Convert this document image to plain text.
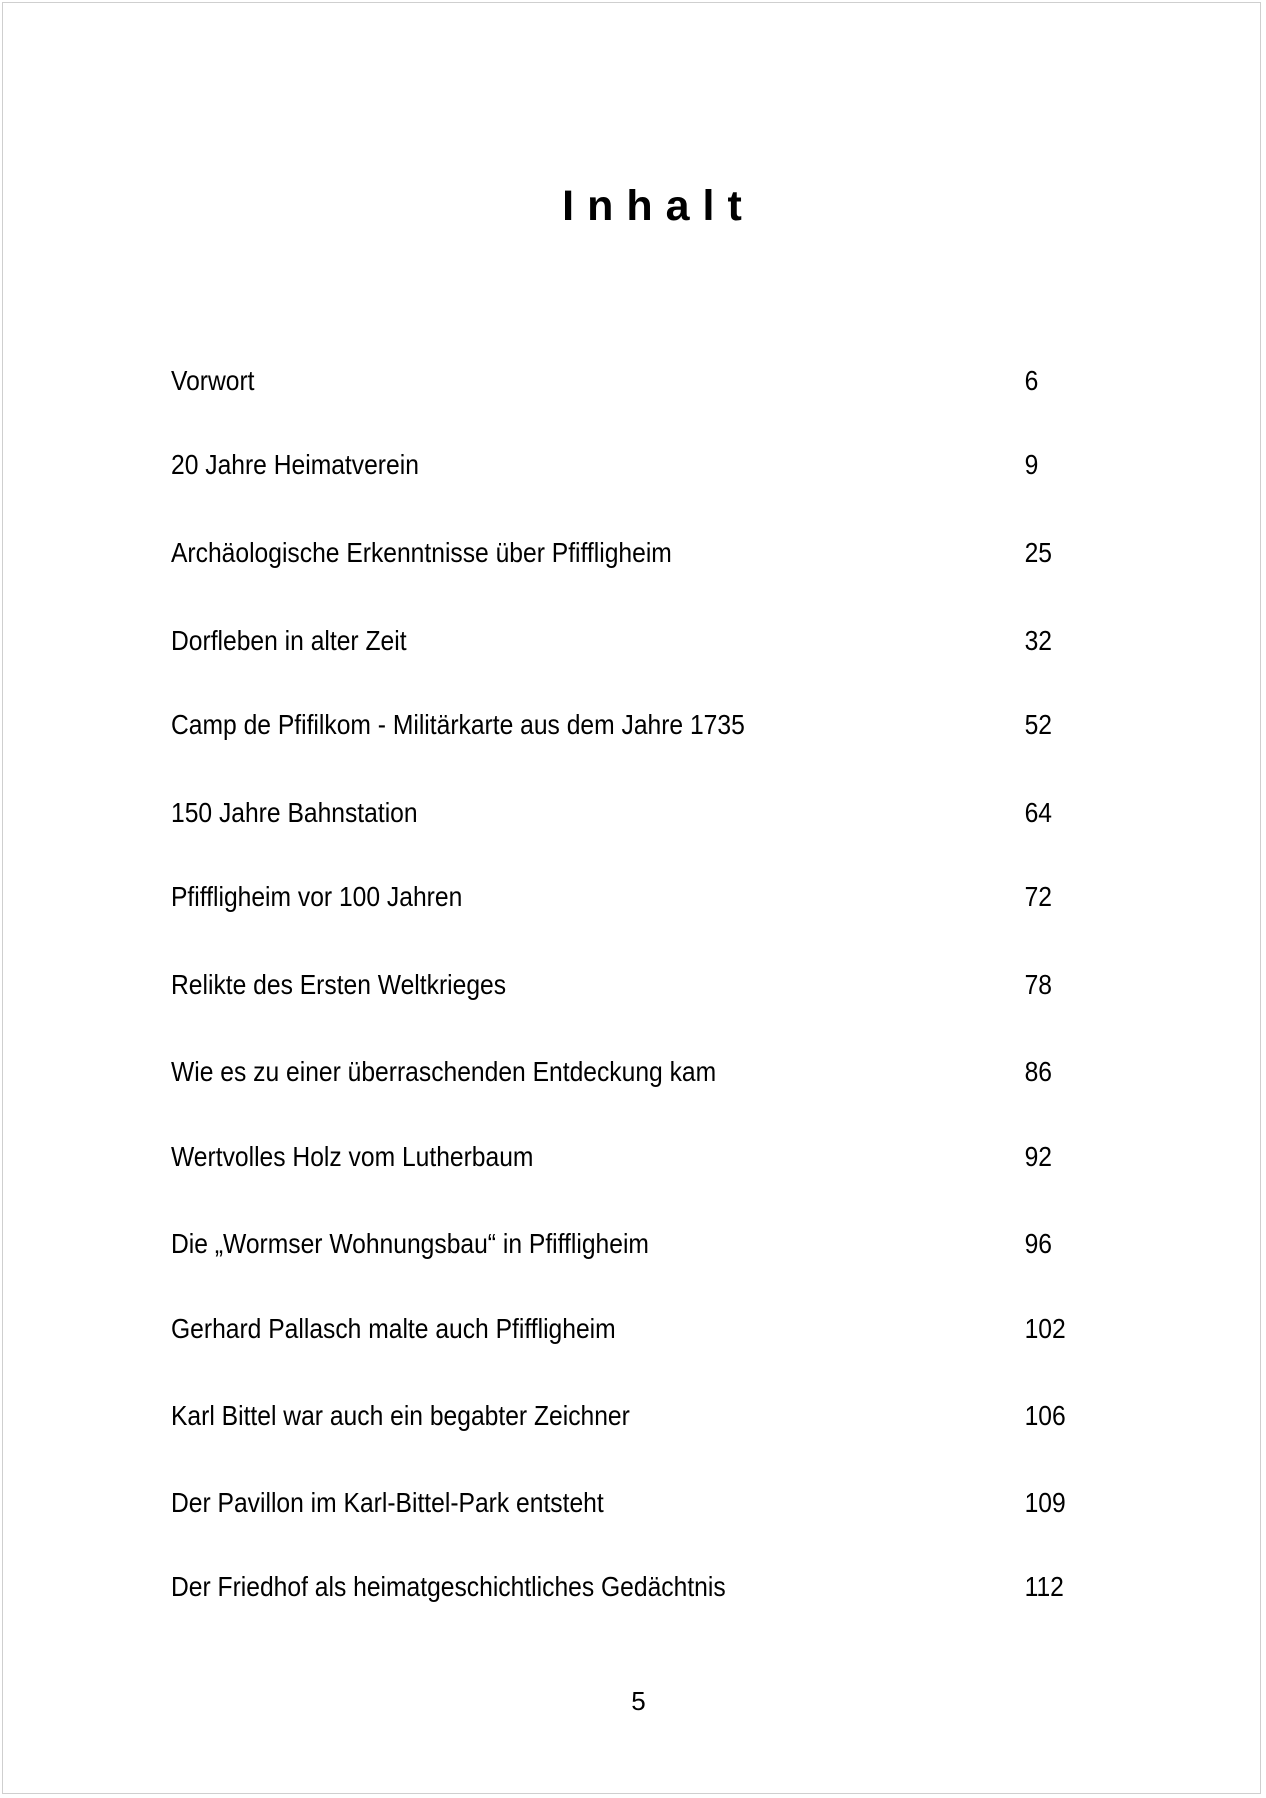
Inhalt
Vorwort	6
20 Jahre Heimatverein	9
Archäologische Erkenntnisse über Pfiffligheim	25
Dorfleben in alter Zeit	32
Camp de Pfifilkom - Militärkarte aus dem Jahre 1735	52
150 Jahre Bahnstation	64
Pfiffligheim vor 100 Jahren	72
Relikte des Ersten Weltkrieges	78
Wie es zu einer überraschenden Entdeckung kam	86
Wertvolles Holz vom Lutherbaum	92
Die „Wormser Wohnungsbau“ in Pfiffligheim	96
Gerhard Pallasch malte auch Pfiffligheim	102
Karl Bittel war auch ein begabter Zeichner	106
Der Pavillon im Karl-Bittel-Park entsteht	109
Der Friedhof als heimatgeschichtliches Gedächtnis	112
5
